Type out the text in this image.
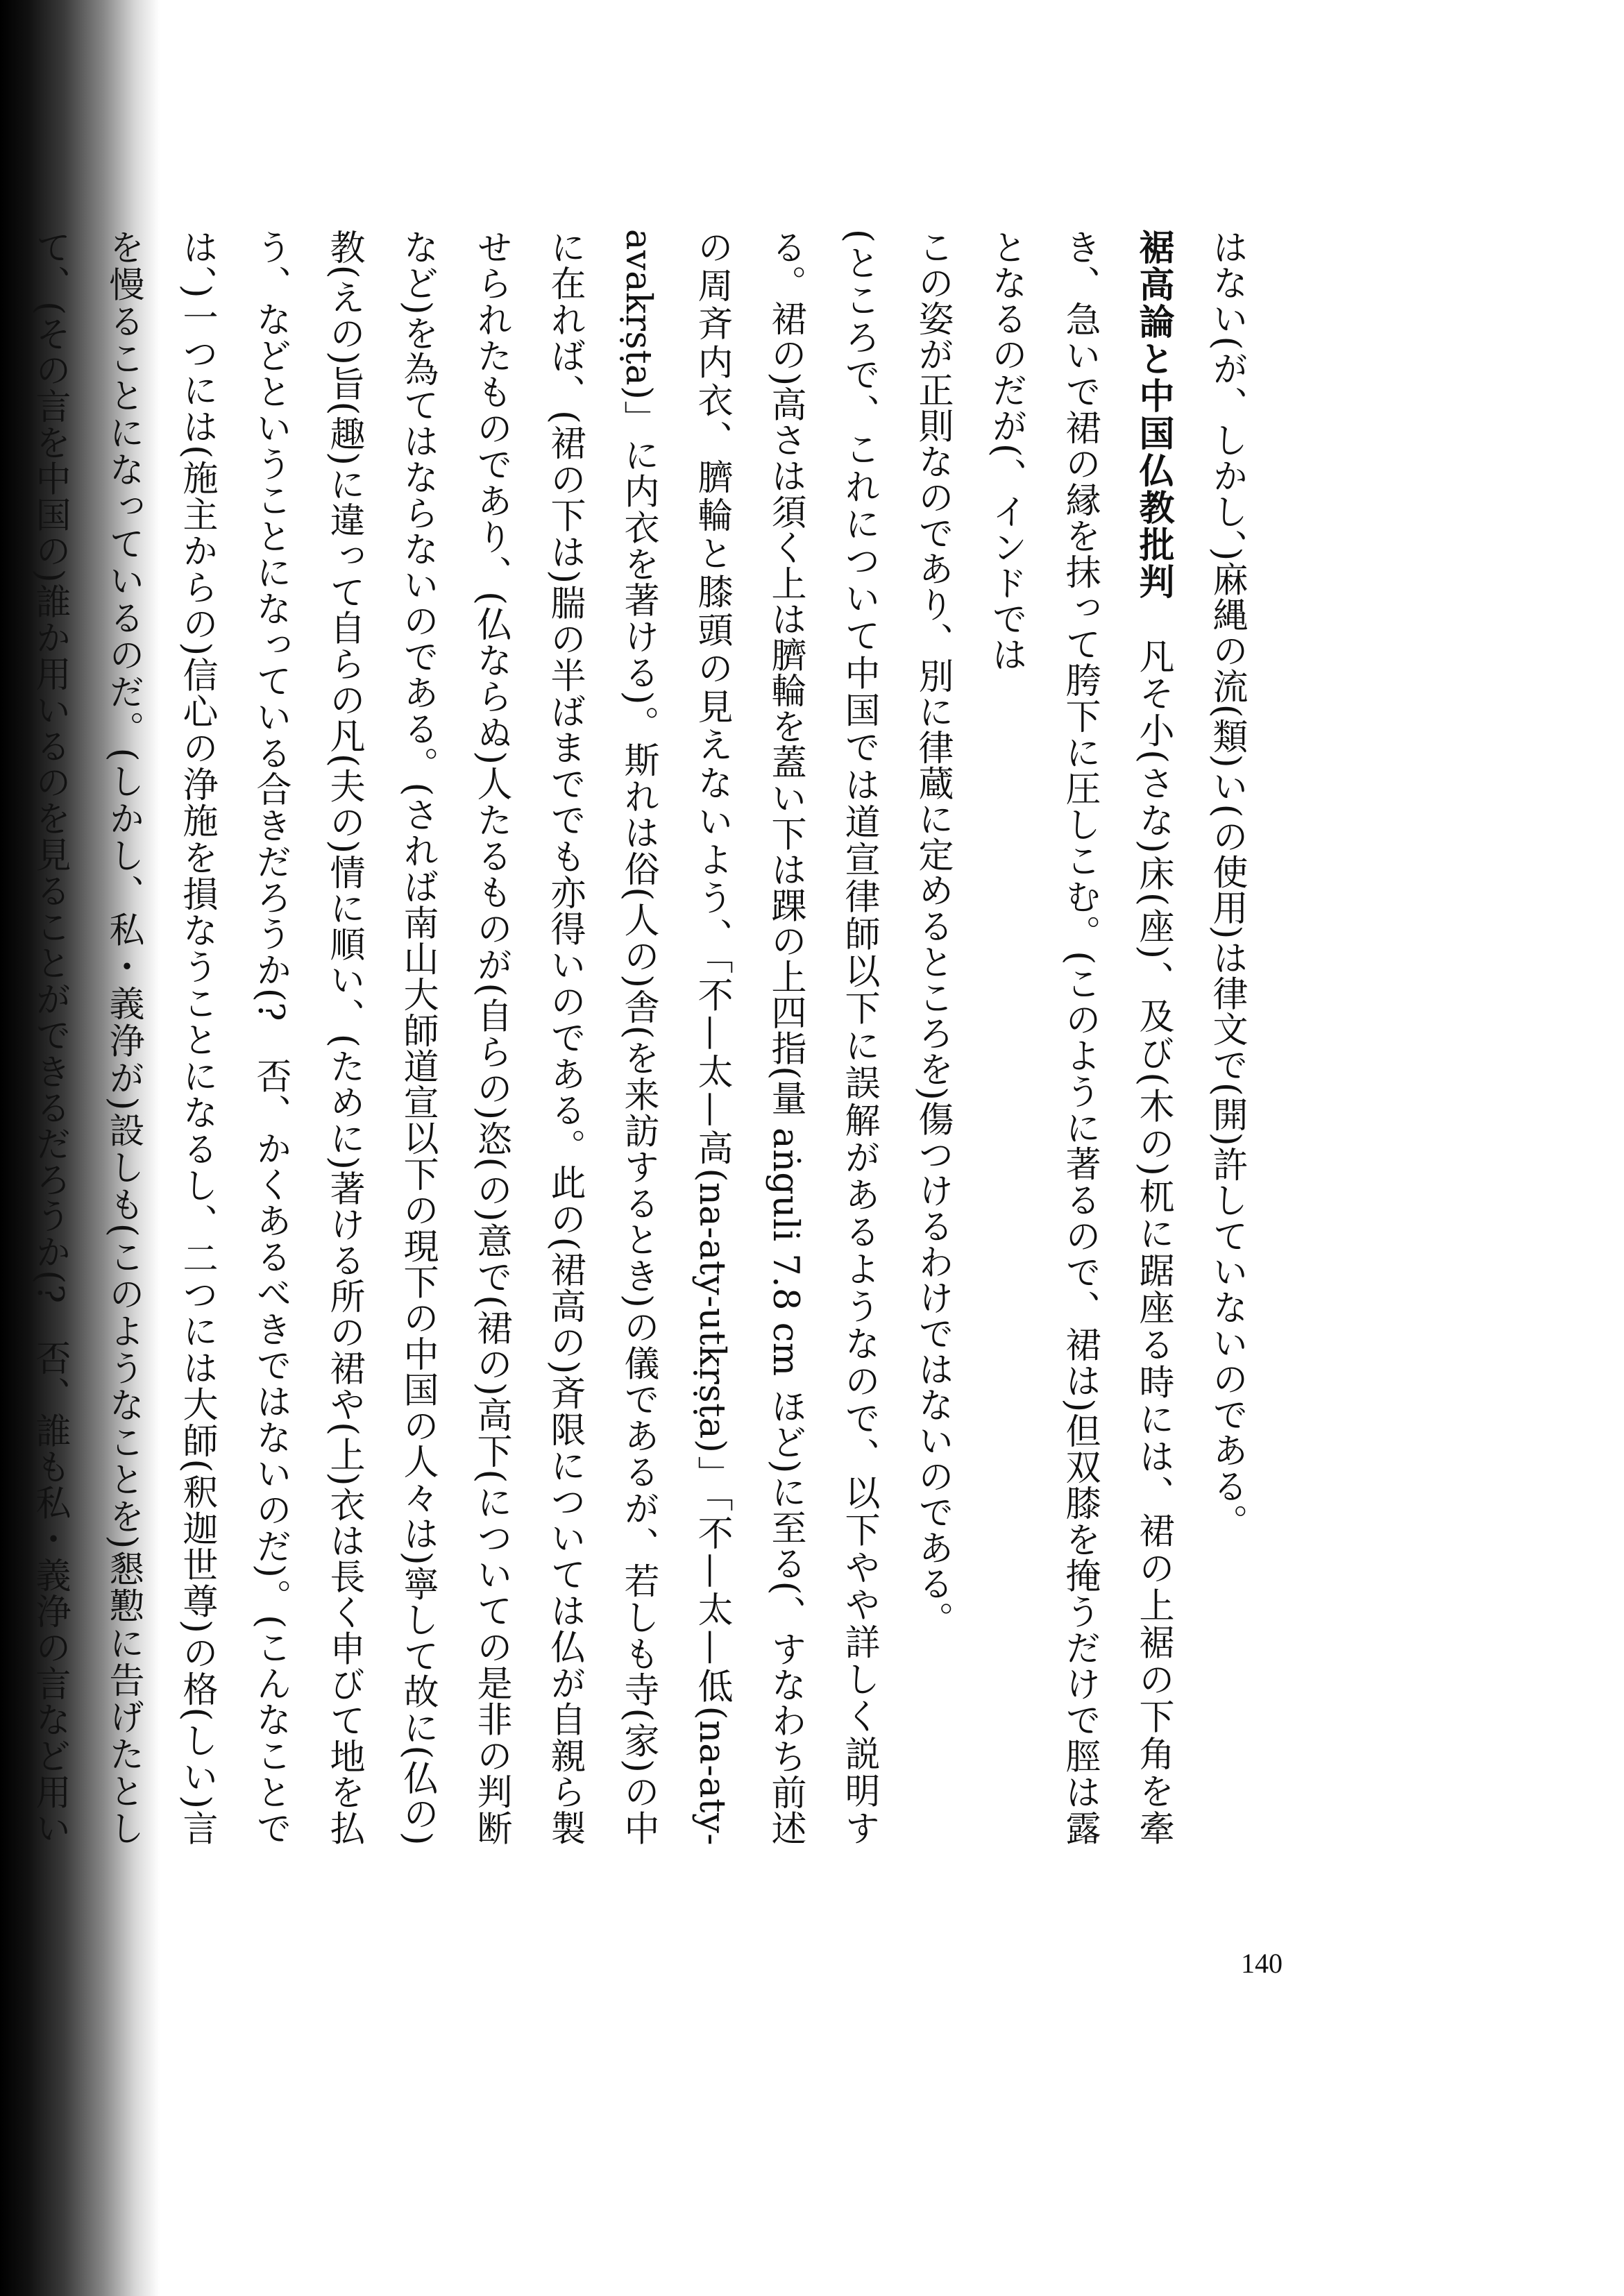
はない(が、しかし、)麻縄の流(類)い(の使用)は律文で(開)許していないのである。

裾高論と中国仏教批判　凡そ小(さな)床(座)、及び(木の)杌に踞座る時には、裙の上裾の下角を牽き、急いで裙の縁を抹って胯下に圧しこむ。(このように著るので、裙は)但双膝を掩うだけで脛は露となるのだが(、インドでは

この姿が正則なのであり、別に律蔵に定めるところを)傷つけるわけではないのである。

(ところで、これについて中国では道宣律師以下に誤解があるようなので、以下やや詳しく説明する。裙の)高さは須く上は臍輪を蓋い下は踝の上四指(量 aṅguli 7.8 cm ほど)に至る(、すなわち前述の周斉内衣、臍輪と膝頭の見えないよう、「不—太—高(na-aty-utkṛṣṭa)」「不—太—低(na-aty-avakṛṣṭa)」に内衣を著ける)。斯れは俗(人の)舎(を来訪するとき)の儀であるが、若しも寺(家)の中に在れば、(裙の下は)腨の半ばまででも亦得いのである。此の(裙高の)斉限については仏が自親ら製せられたものであり、(仏ならぬ)人たるものが(自らの)恣(の)意で(裙の)高下(についての是非の判断など)を為てはならないのである。(されば南山大師道宣以下の現下の中国の人々は)寧して故に(仏の)教(えの)旨(趣)に違って自らの凡(夫の)情に順い、(ために)著ける所の裙や(上)衣は長く申びて地を払う、などということになっている合きだろうか(?　否、かくあるべきではないのだ)。(こんなことでは、)一つには(施主からの)信心の浄施を損なうことになるし、二つには大師(釈迦世尊)の格(しい)言を慢ることになっているのだ。(しかし、私・義浄が)設しも(このようなことを)懇懃に告げたとして、(その言を中国の)誰か用いるのを見ることができるだろうか(?　否、誰も私・義浄の言など用い　　

140
